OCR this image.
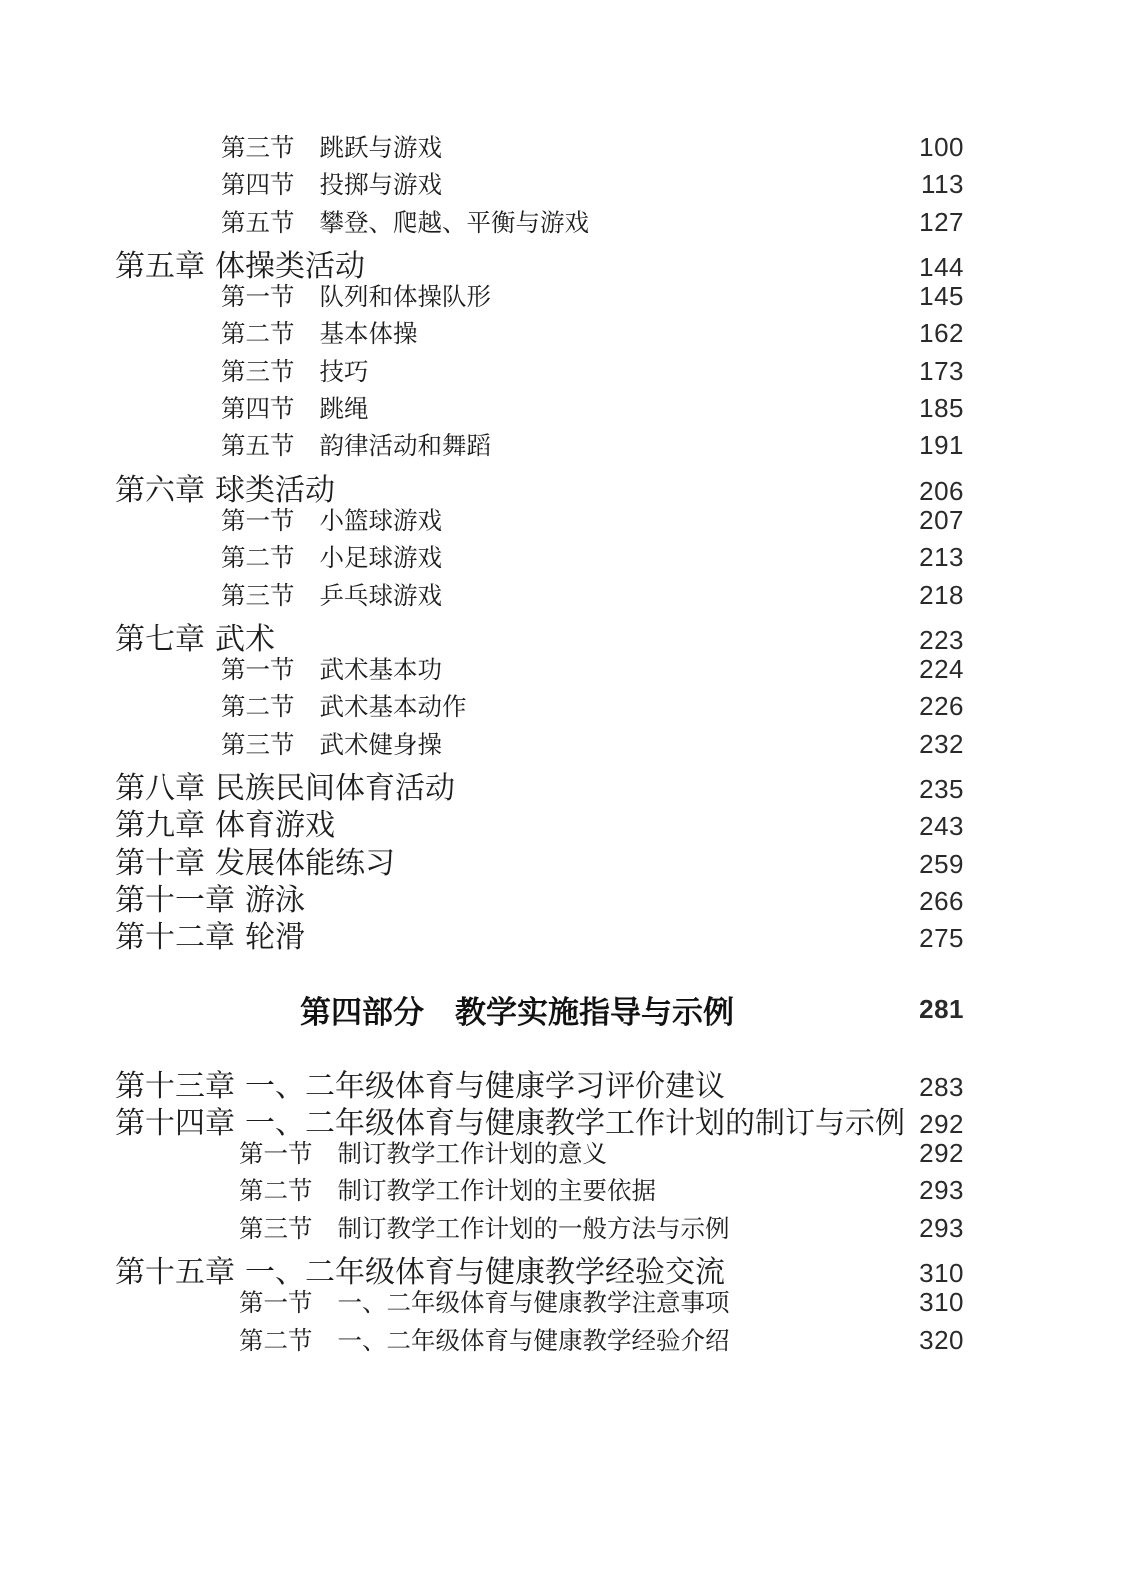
第三节 跳跃与游戏	100
第四节 投掷与游戏	113
第五节 攀登、爬越、平衡与游戏	127
第五章 体操类活动	144
第一节 队列和体操队形	145
第二节 基本体操	162
第三节 技巧	173
第四节 跳绳	185
第五节 韵律活动和舞蹈	191
第六章 球类活动	206
第一节 小篮球游戏	207
第二节 小足球游戏	213
第三节 乒乓球游戏	218
第七章 武术	223
第一节 武术基本功	224
第二节 武术基本动作	226
第三节 武术健身操	232
第八章 民族民间体育活动	235
第九章 体育游戏	243
第十章 发展体能练习	259
第十一章 游泳	266
第十二章 轮滑	275
第四部分 教学实施指导与示例	281
第十三章 一、二年级体育与健康学习评价建议	283
第十四章 一、二年级体育与健康教学工作计划的制订与示例 292
第一节 制订教学工作计划的意义	292
第二节 制订教学工作计划的主要依据	293
第三节 制订教学工作计划的一般方法与示例	293
第十五章 一、二年级体育与健康教学经验交流	310
第一节 一、二年级体育与健康教学注意事项	310
第二节 一、二年级体育与健康教学经验介绍	320
